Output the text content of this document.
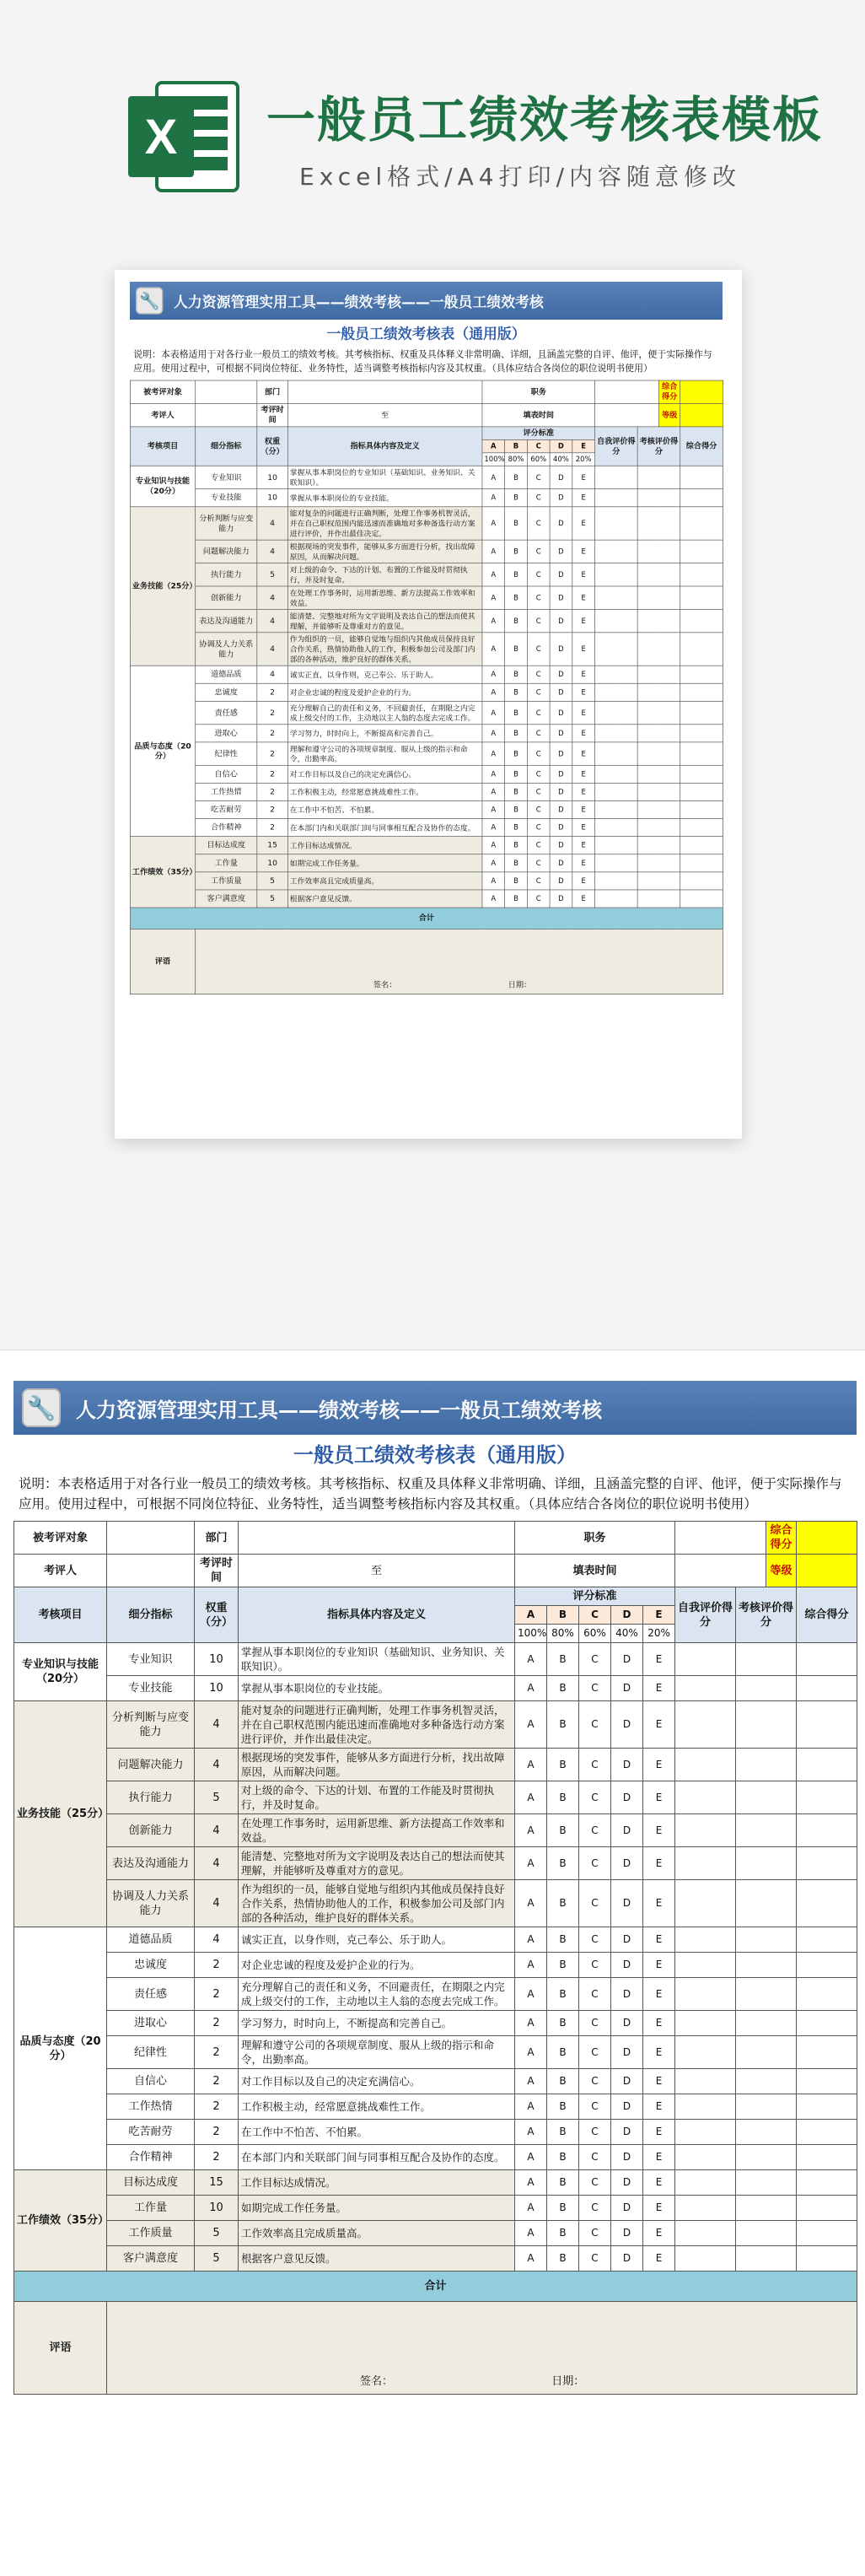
X 一般员工绩效考核表模板
Excel格式/A4打印/内容随意修改
🔧 人力资源管理实用工具——绩效考核——一般员工绩效考核
一般员工绩效考核表（通用版）
说明：本表格适用于对各行业一般员工的绩效考核。其考核指标、权重及具体释义非常明确、详细，且涵盖完整的自评、他评，便于实际操作与应用。使用过程中，可根据不同岗位特征、业务特性，适当调整考核指标内容及其权重。（具体应结合各岗位的职位说明书使用）
被考评对象		部门		职务							综合得分	
考评人		考评时间	至	填表时间							等级	
考核项目	细分指标	权重（分）	指标具体内容及定义	评分标准					自我评价得分	考核评价得分		综合得分
				A	B	C	D	E				
				100%	80%	60%	40%	20%				
专业知识与技能（20分）	专业知识	10	掌握从事本职岗位的专业知识（基础知识、业务知识、关联知识）。	A	B	C	D	E				
	专业技能	10	掌握从事本职岗位的专业技能。	A	B	C	D	E				
业务技能（25分）	分析判断与应变能力	4	能对复杂的问题进行正确判断，处理工作事务机智灵活，并在自己职权范围内能迅速而准确地对多种备选行动方案进行评价，并作出最佳决定。	A	B	C	D	E				
	问题解决能力	4	根据现场的突发事件，能够从多方面进行分析，找出故障原因，从而解决问题。	A	B	C	D	E				
	执行能力	5	对上级的命令、下达的计划、布置的工作能及时贯彻执行，并及时复命。	A	B	C	D	E				
	创新能力	4	在处理工作事务时，运用新思维、新方法提高工作效率和效益。	A	B	C	D	E				
	表达及沟通能力	4	能清楚、完整地对所为文字说明及表达自己的想法而使其理解，并能够听及尊重对方的意见。	A	B	C	D	E				
	协调及人力关系能力	4	作为组织的一员，能够自觉地与组织内其他成员保持良好合作关系，热情协助他人的工作，积极参加公司及部门内部的各种活动，维护良好的群体关系。	A	B	C	D	E				
品质与态度（20分）	道德品质	4	诚实正直，以身作则，克己奉公、乐于助人。	A	B	C	D	E				
	忠诚度	2	对企业忠诚的程度及爱护企业的行为。	A	B	C	D	E				
	责任感	2	充分理解自己的责任和义务，不回避责任，在期限之内完成上级交付的工作，主动地以主人翁的态度去完成工作。	A	B	C	D	E				
	进取心	2	学习努力，时时向上，不断提高和完善自己。	A	B	C	D	E				
	纪律性	2	理解和遵守公司的各项规章制度、服从上级的指示和命令，出勤率高。	A	B	C	D	E				
	自信心	2	对工作目标以及自己的决定充满信心。	A	B	C	D	E				
	工作热情	2	工作积极主动，经常愿意挑战难性工作。	A	B	C	D	E				
	吃苦耐劳	2	在工作中不怕苦、不怕累。	A	B	C	D	E				
	合作精神	2	在本部门内和关联部门间与同事相互配合及协作的态度。	A	B	C	D	E				
工作绩效（35分）	目标达成度	15	工作目标达成情况。	A	B	C	D	E				
	工作量	10	如期完成工作任务量。	A	B	C	D	E				
	工作质量	5	工作效率高且完成质量高。	A	B	C	D	E				
	客户满意度	5	根据客户意见反馈。	A	B	C	D	E				
合计												
评语	签名： 日期：											
🔧 人力资源管理实用工具——绩效考核——一般员工绩效考核
一般员工绩效考核表（通用版）
说明：本表格适用于对各行业一般员工的绩效考核。其考核指标、权重及具体释义非常明确、详细，且涵盖完整的自评、他评，便于实际操作与应用。使用过程中，可根据不同岗位特征、业务特性，适当调整考核指标内容及其权重。（具体应结合各岗位的职位说明书使用）
被考评对象		部门		职务							综合得分	
考评人		考评时间	至	填表时间							等级	
考核项目	细分指标	权重（分）	指标具体内容及定义	评分标准					自我评价得分	考核评价得分		综合得分
				A	B	C	D	E				
				100%	80%	60%	40%	20%				
专业知识与技能（20分）	专业知识	10	掌握从事本职岗位的专业知识（基础知识、业务知识、关联知识）。	A	B	C	D	E				
	专业技能	10	掌握从事本职岗位的专业技能。	A	B	C	D	E				
业务技能（25分）	分析判断与应变能力	4	能对复杂的问题进行正确判断，处理工作事务机智灵活，并在自己职权范围内能迅速而准确地对多种备选行动方案进行评价，并作出最佳决定。	A	B	C	D	E				
	问题解决能力	4	根据现场的突发事件，能够从多方面进行分析，找出故障原因，从而解决问题。	A	B	C	D	E				
	执行能力	5	对上级的命令、下达的计划、布置的工作能及时贯彻执行，并及时复命。	A	B	C	D	E				
	创新能力	4	在处理工作事务时，运用新思维、新方法提高工作效率和效益。	A	B	C	D	E				
	表达及沟通能力	4	能清楚、完整地对所为文字说明及表达自己的想法而使其理解，并能够听及尊重对方的意见。	A	B	C	D	E				
	协调及人力关系能力	4	作为组织的一员，能够自觉地与组织内其他成员保持良好合作关系，热情协助他人的工作，积极参加公司及部门内部的各种活动，维护良好的群体关系。	A	B	C	D	E				
品质与态度（20分）	道德品质	4	诚实正直，以身作则，克己奉公、乐于助人。	A	B	C	D	E				
	忠诚度	2	对企业忠诚的程度及爱护企业的行为。	A	B	C	D	E				
	责任感	2	充分理解自己的责任和义务，不回避责任，在期限之内完成上级交付的工作，主动地以主人翁的态度去完成工作。	A	B	C	D	E				
	进取心	2	学习努力，时时向上，不断提高和完善自己。	A	B	C	D	E				
	纪律性	2	理解和遵守公司的各项规章制度、服从上级的指示和命令，出勤率高。	A	B	C	D	E				
	自信心	2	对工作目标以及自己的决定充满信心。	A	B	C	D	E				
	工作热情	2	工作积极主动，经常愿意挑战难性工作。	A	B	C	D	E				
	吃苦耐劳	2	在工作中不怕苦、不怕累。	A	B	C	D	E				
	合作精神	2	在本部门内和关联部门间与同事相互配合及协作的态度。	A	B	C	D	E				
工作绩效（35分）	目标达成度	15	工作目标达成情况。	A	B	C	D	E				
	工作量	10	如期完成工作任务量。	A	B	C	D	E				
	工作质量	5	工作效率高且完成质量高。	A	B	C	D	E				
	客户满意度	5	根据客户意见反馈。	A	B	C	D	E				
合计												
评语	签名： 日期：											
